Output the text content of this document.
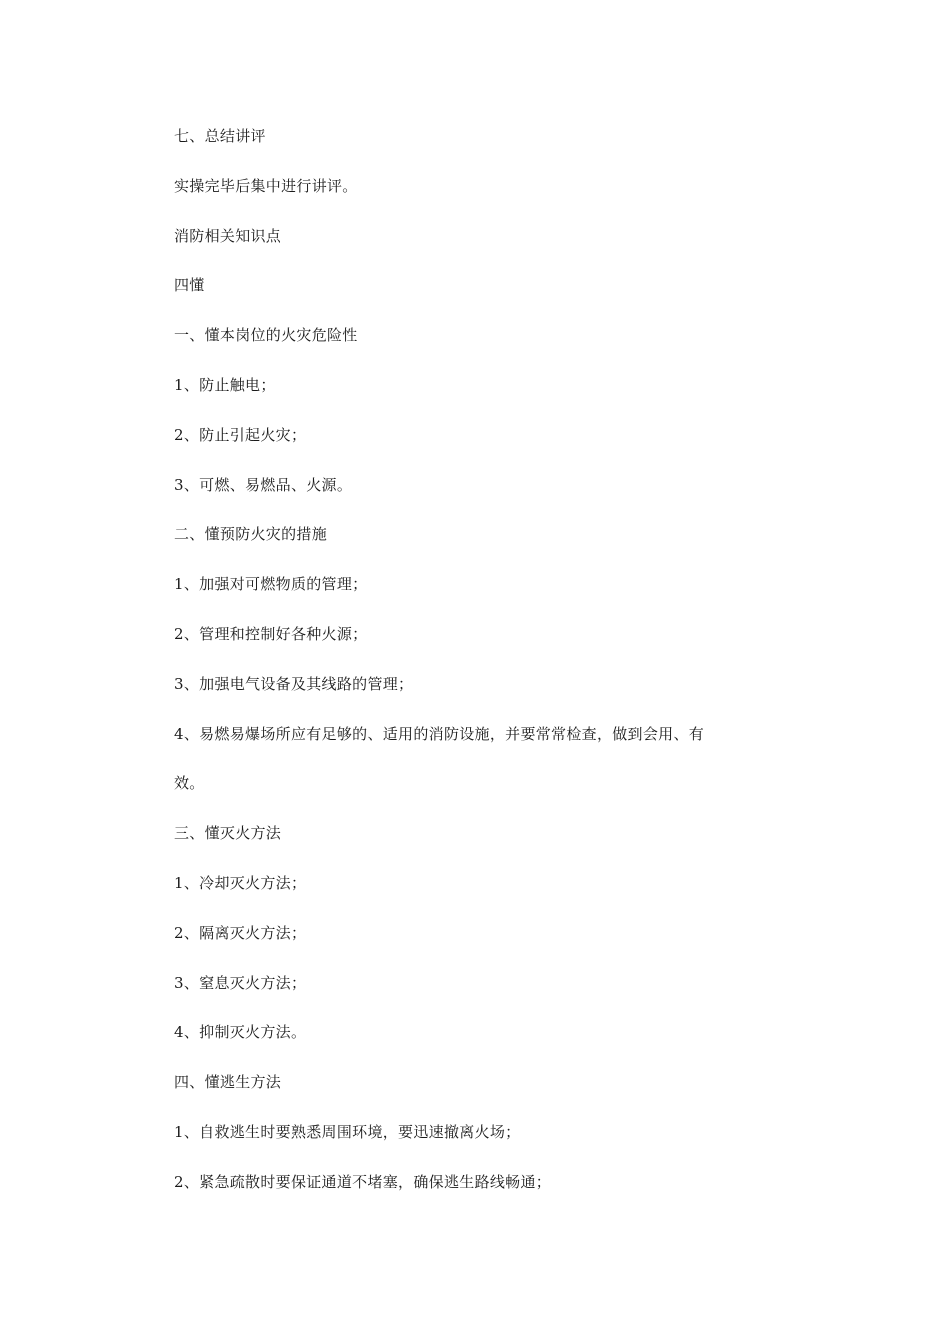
七、总结讲评
实操完毕后集中进行讲评。
消防相关知识点
四懂
一、懂本岗位的火灾危险性
1、防止触电；
2、防止引起火灾；
3、可燃、易燃品、火源。
二、懂预防火灾的措施
1、加强对可燃物质的管理；
2、管理和控制好各种火源；
3、加强电气设备及其线路的管理；
4、易燃易爆场所应有足够的、适用的消防设施，并要常常检查，做到会用、有
效。
三、懂灭火方法
1、冷却灭火方法；
2、隔离灭火方法；
3、窒息灭火方法；
4、抑制灭火方法。
四、懂逃生方法
1、自救逃生时要熟悉周围环境，要迅速撤离火场；
2、紧急疏散时要保证通道不堵塞，确保逃生路线畅通；
